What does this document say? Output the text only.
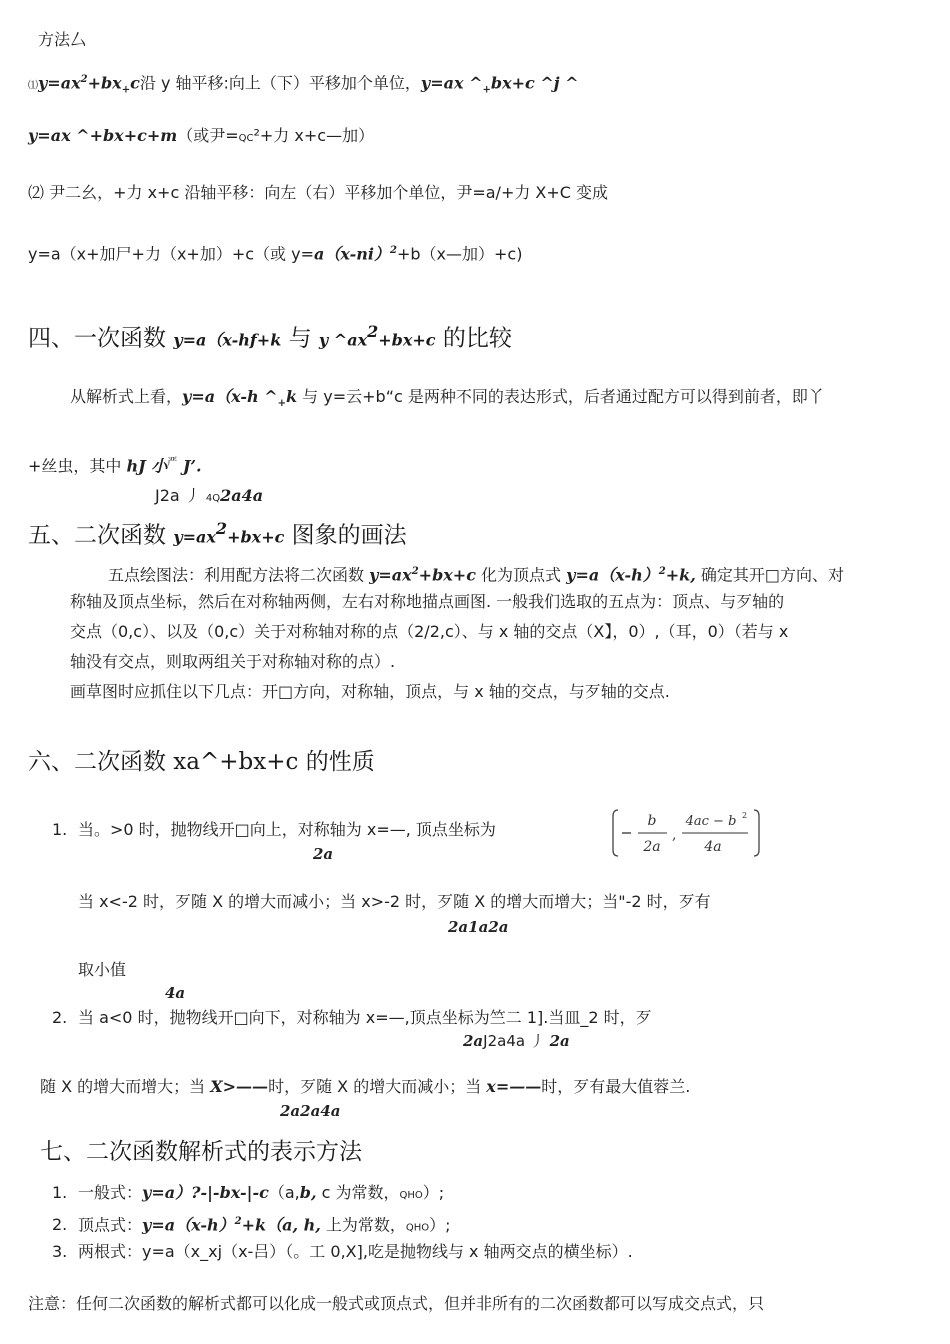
方法厶
$⑴y=ax^2+bx_+c$沿 y 轴平移:向上（下）平移加个单位，y=ax $\^{}_+bx+c$ ^j ^
y=ax ^+bx+c+m（或尹=QC²+力 x+c—加）
⑵ 尹二幺，+力 x+c 沿轴平移：向左（右）平移加个单位，尹=a/+力 X+C 变成
y=a（x+加尸+力（x+加）+c（或 $y=a(x-ni)^2+b(x—$加）+c)
四、一次函数 y=a（x-hf+k 与 y $\^{}ax^2+bx+c$ 的比较
从解析式上看，y=a（x-h $\^{}_+k$ 与 y=云+b“c 是两种不同的表达形式，后者通过配方可以得到前者，即丫
+丝虫，其中 hJ 小$^严$ J’.
J2a 丿 4Q2a4a
五、二次函数 $y=ax^2+bx+c$ 图象的画法
五点绘图法：利用配方法将二次函数 $y=ax^2+bx+c$ 化为顶点式 $y=a(x-h)^2+k$, 确定其开□方向、对
称轴及顶点坐标，然后在对称轴两侧，左右对称地描点画图. 一般我们选取的五点为：顶点、与歹轴的
交点（0,c）、以及（0,c）关于对称轴对称的点（2/2,c）、与 x 轴的交点（X】，0）,（耳，0）（若与 x
轴没有交点，则取两组关于对称轴对称的点）.
画草图时应抓住以下几点：开□方向，对称轴，顶点，与 x 轴的交点，与歹轴的交点.
六、二次函数 xa^+bx+c 的性质
1. 当。>0 时，抛物线开□向上，对称轴为 x=—, 顶点坐标为
2a
b
2a
,
4ac − b 2
4a
当 x<-2 时，歹随 X 的增大而减小；当 x>-2 时，歹随 X 的增大而增大；当"-2 时，歹有
2a1a2a
取小值
4a
2. 当 a<0 时，抛物线开□向下，对称轴为 x=—,顶点坐标为竺二 1].当皿_2 时，歹
2aJ2a4a 丿 2a
随 X 的增大而增大；当 X>——时，歹随 X 的增大而减小；当 x=——时，歹有最大值蓉兰.
2a2a4a
七、二次函数解析式的表示方法
1. 一般式：y=a）?-|-bx-|-c（a,b, c 为常数，QHO）;
2. 顶点式：$y=a(x-h)^2+k(a$, h, 上为常数，QHO）;
3. 两根式：y=a（x_xj（x-吕）（。工 0,X],吃是抛物线与 x 轴两交点的横坐标）.
注意：任何二次函数的解析式都可以化成一般式或顶点式，但并非所有的二次函数都可以写成交点式，只
